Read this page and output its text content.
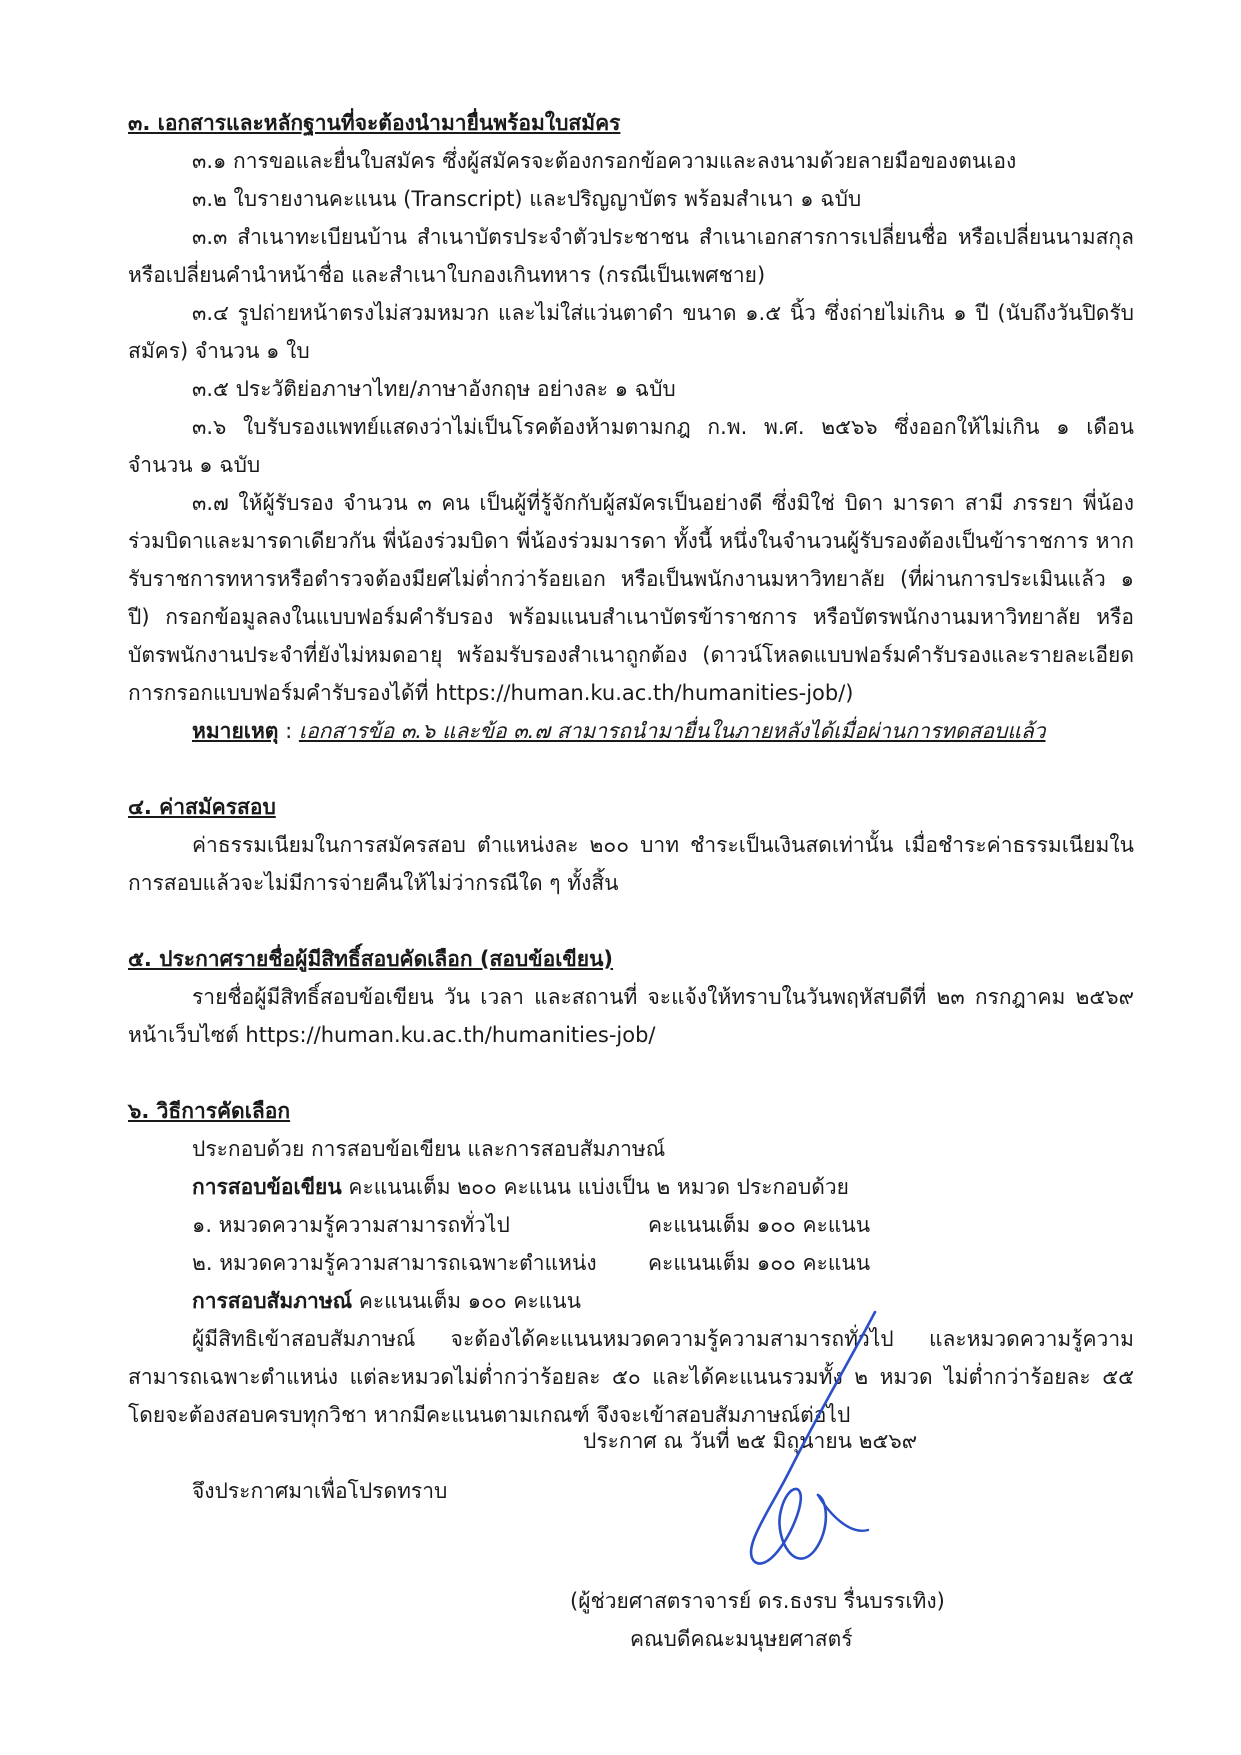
๓. เอกสารและหลักฐานที่จะต้องนำมายื่นพร้อมใบสมัคร

๓.๑ การขอและยื่นใบสมัคร ซึ่งผู้สมัครจะต้องกรอกข้อความและลงนามด้วยลายมือของตนเอง

๓.๒ ใบรายงานคะแนน (Transcript) และปริญญาบัตร พร้อมสำเนา ๑ ฉบับ

๓.๓ สำเนาทะเบียนบ้าน สำเนาบัตรประจำตัวประชาชน สำเนาเอกสารการเปลี่ยนชื่อ หรือเปลี่ยนนามสกุล หรือเปลี่ยนคำนำหน้าชื่อ และสำเนาใบกองเกินทหาร (กรณีเป็นเพศชาย)

๓.๔ รูปถ่ายหน้าตรงไม่สวมหมวก และไม่ใส่แว่นตาดำ ขนาด ๑.๕ นิ้ว ซึ่งถ่ายไม่เกิน ๑ ปี (นับถึงวันปิดรับสมัคร) จำนวน ๑ ใบ

๓.๕ ประวัติย่อภาษาไทย/ภาษาอังกฤษ อย่างละ ๑ ฉบับ

๓.๖ ใบรับรองแพทย์แสดงว่าไม่เป็นโรคต้องห้ามตามกฎ ก.พ. พ.ศ. ๒๕๖๖ ซึ่งออกให้ไม่เกิน ๑ เดือน จำนวน ๑ ฉบับ

๓.๗ ให้ผู้รับรอง จำนวน ๓ คน เป็นผู้ที่รู้จักกับผู้สมัครเป็นอย่างดี ซึ่งมิใช่ บิดา มารดา สามี ภรรยา พี่น้องร่วมบิดาและมารดาเดียวกัน พี่น้องร่วมบิดา พี่น้องร่วมมารดา ทั้งนี้ หนึ่งในจำนวนผู้รับรองต้องเป็นข้าราชการ หากรับราชการทหารหรือตำรวจต้องมียศไม่ต่ำกว่าร้อยเอก หรือเป็นพนักงานมหาวิทยาลัย (ที่ผ่านการประเมินแล้ว ๑ ปี) กรอกข้อมูลลงในแบบฟอร์มคำรับรอง พร้อมแนบสำเนาบัตรข้าราชการ หรือบัตรพนักงานมหาวิทยาลัย หรือบัตรพนักงานประจำที่ยังไม่หมดอายุ พร้อมรับรองสำเนาถูกต้อง (ดาวน์โหลดแบบฟอร์มคำรับรองและรายละเอียดการกรอกแบบฟอร์มคำรับรองได้ที่ https://human.ku.ac.th/humanities-job/)

หมายเหตุ : เอกสารข้อ ๓.๖ และข้อ ๓.๗ สามารถนำมายื่นในภายหลังได้เมื่อผ่านการทดสอบแล้ว

๔. ค่าสมัครสอบ

ค่าธรรมเนียมในการสมัครสอบ ตำแหน่งละ ๒๐๐ บาท ชำระเป็นเงินสดเท่านั้น เมื่อชำระค่าธรรมเนียมในการสอบแล้วจะไม่มีการจ่ายคืนให้ไม่ว่ากรณีใด ๆ ทั้งสิ้น

๕. ประกาศรายชื่อผู้มีสิทธิ์สอบคัดเลือก (สอบข้อเขียน)

รายชื่อผู้มีสิทธิ์สอบข้อเขียน วัน เวลา และสถานที่ จะแจ้งให้ทราบในวันพฤหัสบดีที่ ๒๓ กรกฎาคม ๒๕๖๙ หน้าเว็บไซต์ https://human.ku.ac.th/humanities-job/

๖. วิธีการคัดเลือก

ประกอบด้วย การสอบข้อเขียน และการสอบสัมภาษณ์

การสอบข้อเขียน คะแนนเต็ม ๒๐๐ คะแนน แบ่งเป็น ๒ หมวด ประกอบด้วย

๑. หมวดความรู้ความสามารถทั่วไป	คะแนนเต็ม ๑๐๐ คะแนน

๒. หมวดความรู้ความสามารถเฉพาะตำแหน่ง	คะแนนเต็ม ๑๐๐ คะแนน

การสอบสัมภาษณ์ คะแนนเต็ม ๑๐๐ คะแนน

ผู้มีสิทธิเข้าสอบสัมภาษณ์ จะต้องได้คะแนนหมวดความรู้ความสามารถทั่วไป และหมวดความรู้ความสามารถเฉพาะตำแหน่ง แต่ละหมวดไม่ต่ำกว่าร้อยละ ๕๐ และได้คะแนนรวมทั้ง ๒ หมวด ไม่ต่ำกว่าร้อยละ ๕๕ โดยจะต้องสอบครบทุกวิชา หากมีคะแนนตามเกณฑ์ จึงจะเข้าสอบสัมภาษณ์ต่อไป

จึงประกาศมาเพื่อโปรดทราบ

ประกาศ ณ วันที่ ๒๕ มิถุนายน ๒๕๖๙

(ผู้ช่วยศาสตราจารย์ ดร.ธงรบ รื่นบรรเทิง)

คณบดีคณะมนุษยศาสตร์
